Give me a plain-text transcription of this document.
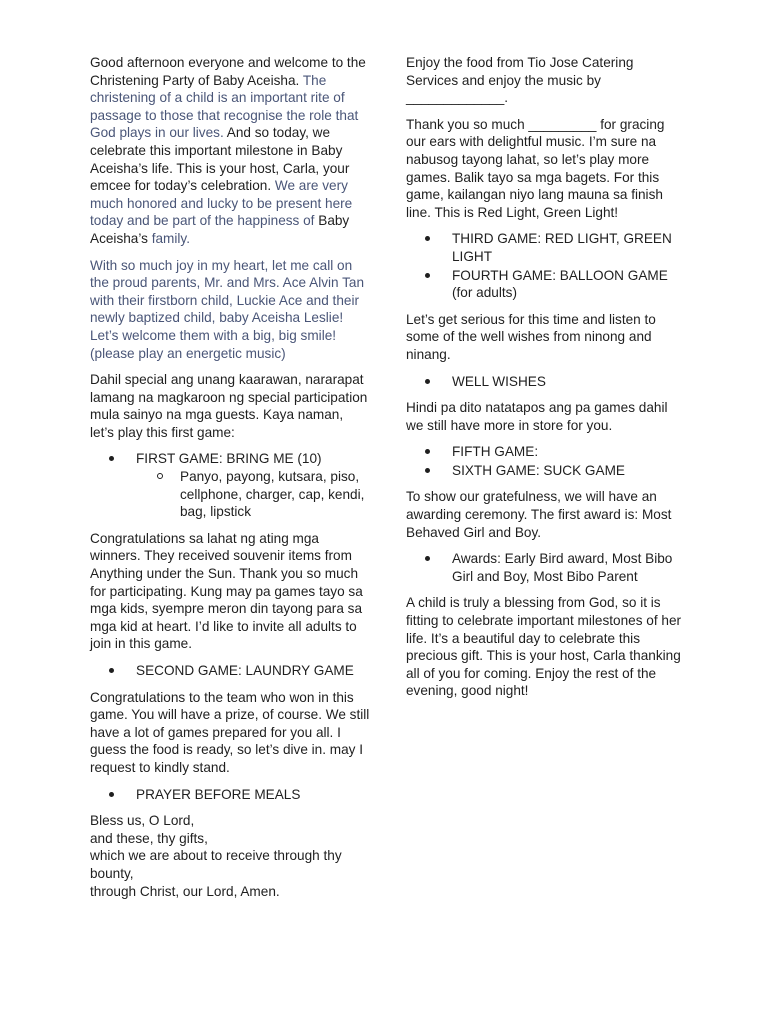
Good afternoon everyone and welcome to the Christening Party of Baby Aceisha. The christening of a child is an important rite of passage to those that recognise the role that God plays in our lives. And so today, we celebrate this important milestone in Baby Aceisha’s life. This is your host, Carla, your emcee for today’s celebration. We are very much honored and lucky to be present here today and be part of the happiness of Baby Aceisha’s family.

With so much joy in my heart, let me call on the proud parents, Mr. and Mrs. Ace Alvin Tan with their firstborn child, Luckie Ace and their newly baptized child, baby Aceisha Leslie! Let’s welcome them with a big, big smile! (please play an energetic music)

Dahil special ang unang kaarawan, nararapat lamang na magkaroon ng special participation mula sainyo na mga guests. Kaya naman, let’s play this first game:

FIRST GAME: BRING ME (10)
Panyo, payong, kutsara, piso, cellphone, charger, cap, kendi, bag, lipstick

Congratulations sa lahat ng ating mga winners. They received souvenir items from Anything under the Sun. Thank you so much for participating. Kung may pa games tayo sa mga kids, syempre meron din tayong para sa mga kid at heart. I’d like to invite all adults to join in this game.

SECOND GAME: LAUNDRY GAME

Congratulations to the team who won in this game. You will have a prize, of course. We still have a lot of games prepared for you all. I guess the food is ready, so let’s dive in. may I request to kindly stand.

PRAYER BEFORE MEALS

Bless us, O Lord,
and these, thy gifts,
which we are about to receive through thy bounty,
through Christ, our Lord, Amen.

Enjoy the food from Tio Jose Catering Services and enjoy the music by _____________.

Thank you so much _________ for gracing our ears with delightful music. I’m sure na nabusog tayong lahat, so let’s play more games. Balik tayo sa mga bagets. For this game, kailangan niyo lang mauna sa finish line. This is Red Light, Green Light!

THIRD GAME: RED LIGHT, GREEN LIGHT
FOURTH GAME: BALLOON GAME (for adults)

Let’s get serious for this time and listen to some of the well wishes from ninong and ninang.

WELL WISHES

Hindi pa dito natatapos ang pa games dahil we still have more in store for you.

FIFTH GAME:
SIXTH GAME: SUCK GAME

To show our gratefulness, we will have an awarding ceremony. The first award is: Most Behaved Girl and Boy.

Awards: Early Bird award, Most Bibo Girl and Boy, Most Bibo Parent

A child is truly a blessing from God, so it is fitting to celebrate important milestones of her life. It’s a beautiful day to celebrate this precious gift. This is your host, Carla thanking all of you for coming. Enjoy the rest of the evening, good night!
